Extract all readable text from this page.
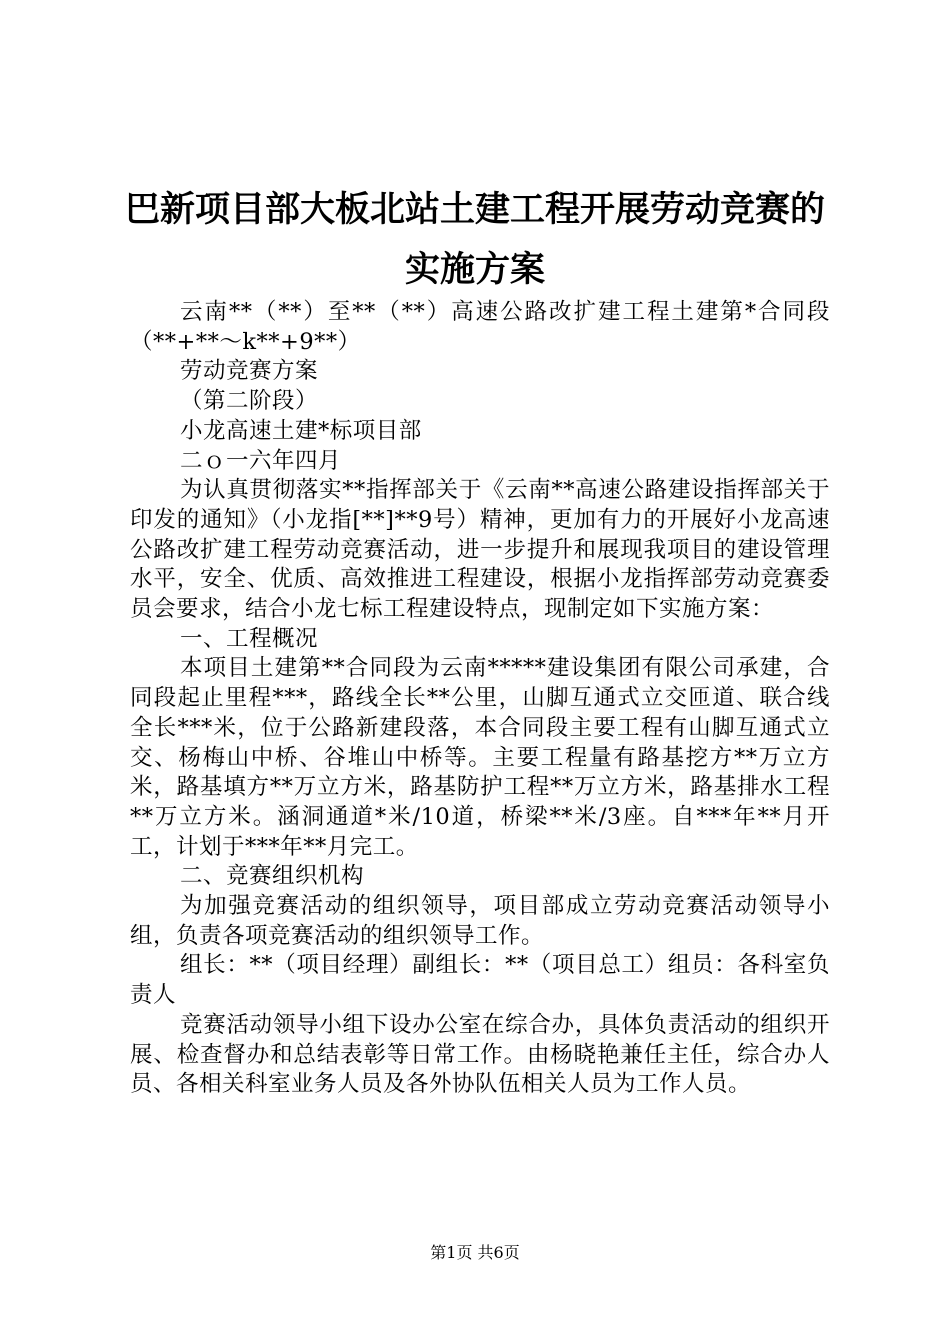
巴新项目部大板北站土建工程开展劳动竞赛的
实施方案

云南**（**）至**（**）高速公路改扩建工程土建第*合同段（**+**～k**+9**）

劳动竞赛方案

（第二阶段）

小龙高速土建*标项目部

二ｏ一六年四月

为认真贯彻落实**指挥部关于《云南**高速公路建设指挥部关于印发的通知》（小龙指[**]**9号）精神，更加有力的开展好小龙高速公路改扩建工程劳动竞赛活动，进一步提升和展现我项目的建设管理水平，安全、优质、高效推进工程建设，根据小龙指挥部劳动竞赛委员会要求，结合小龙七标工程建设特点，现制定如下实施方案：

一、工程概况

本项目土建第**合同段为云南*****建设集团有限公司承建，合同段起止里程***，路线全长**公里，山脚互通式立交匝道、联合线全长***米，位于公路新建段落，本合同段主要工程有山脚互通式立交、杨梅山中桥、谷堆山中桥等。主要工程量有路基挖方**万立方米，路基填方**万立方米，路基防护工程**万立方米，路基排水工程**万立方米。涵洞通道*米/10道，桥梁**米/3座。自***年**月开工，计划于***年**月完工。

二、竞赛组织机构

为加强竞赛活动的组织领导，项目部成立劳动竞赛活动领导小组，负责各项竞赛活动的组织领导工作。

组长：**（项目经理）副组长：**（项目总工）组员：各科室负责人

竞赛活动领导小组下设办公室在综合办，具体负责活动的组织开展、检查督办和总结表彰等日常工作。由杨晓艳兼任主任，综合办人员、各相关科室业务人员及各外协队伍相关人员为工作人员。

第1页 共6页
